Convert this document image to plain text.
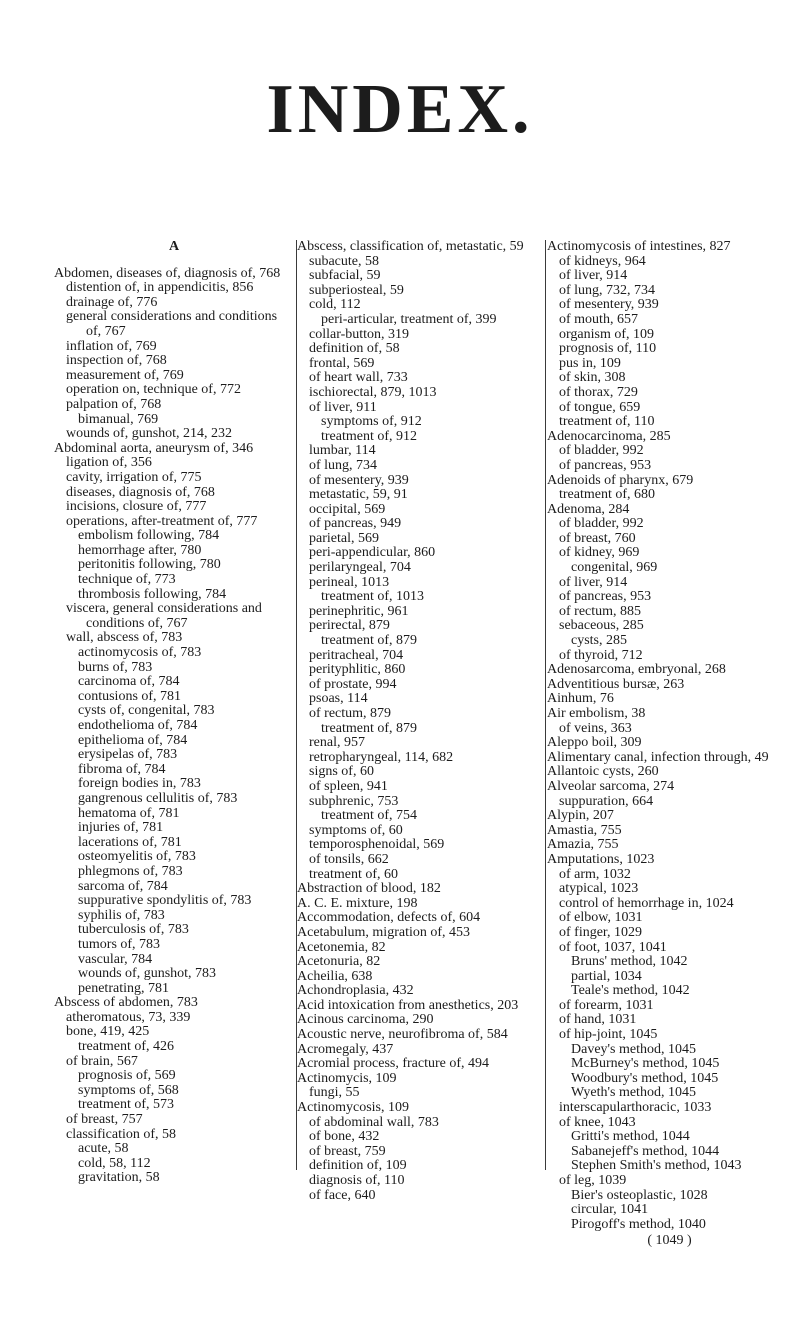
INDEX.
A
Abdomen, diseases of, diagnosis of, 768
distention of, in appendicitis, 856
drainage of, 776
general considerations and conditions of, 767
inflation of, 769
inspection of, 768
measurement of, 769
operation on, technique of, 772
palpation of, 768
bimanual, 769
wounds of, gunshot, 214, 232
Abdominal aorta, aneurysm of, 346
ligation of, 356
cavity, irrigation of, 775
diseases, diagnosis of, 768
incisions, closure of, 777
operations, after-treatment of, 777
embolism following, 784
hemorrhage after, 780
peritonitis following, 780
technique of, 773
thrombosis following, 784
viscera, general considerations and conditions of, 767
wall, abscess of, 783
actinomycosis of, 783
burns of, 783
carcinoma of, 784
contusions of, 781
cysts of, congenital, 783
endothelioma of, 784
epithelioma of, 784
erysipelas of, 783
fibroma of, 784
foreign bodies in, 783
gangrenous cellulitis of, 783
hematoma of, 781
injuries of, 781
lacerations of, 781
osteomyelitis of, 783
phlegmons of, 783
sarcoma of, 784
suppurative spondylitis of, 783
syphilis of, 783
tuberculosis of, 783
tumors of, 783
vascular, 784
wounds of, gunshot, 783
penetrating, 781
Abscess of abdomen, 783
atheromatous, 73, 339
bone, 419, 425
treatment of, 426
of brain, 567
prognosis of, 569
symptoms of, 568
treatment of, 573
of breast, 757
classification of, 58
acute, 58
cold, 58, 112
gravitation, 58
Abscess, classification of, metastatic, 59
subacute, 58
subfacial, 59
subperiosteal, 59
cold, 112
peri-articular, treatment of, 399
collar-button, 319
definition of, 58
frontal, 569
of heart wall, 733
ischiorectal, 879, 1013
of liver, 911
symptoms of, 912
treatment of, 912
lumbar, 114
of lung, 734
of mesentery, 939
metastatic, 59, 91
occipital, 569
of pancreas, 949
parietal, 569
peri-appendicular, 860
perilaryngeal, 704
perineal, 1013
treatment of, 1013
perinephritic, 961
perirectal, 879
treatment of, 879
peritracheal, 704
perityphlitic, 860
of prostate, 994
psoas, 114
of rectum, 879
treatment of, 879
renal, 957
retropharyngeal, 114, 682
signs of, 60
of spleen, 941
subphrenic, 753
treatment of, 754
symptoms of, 60
temporosphenoidal, 569
of tonsils, 662
treatment of, 60
Abstraction of blood, 182
A. C. E. mixture, 198
Accommodation, defects of, 604
Acetabulum, migration of, 453
Acetonemia, 82
Acetonuria, 82
Acheilia, 638
Achondroplasia, 432
Acid intoxication from anesthetics, 203
Acinous carcinoma, 290
Acoustic nerve, neurofibroma of, 584
Acromegaly, 437
Acromial process, fracture of, 494
Actinomycis, 109
fungi, 55
Actinomycosis, 109
of abdominal wall, 783
of bone, 432
of breast, 759
definition of, 109
diagnosis of, 110
of face, 640
Actinomycosis of intestines, 827
of kidneys, 964
of liver, 914
of lung, 732, 734
of mesentery, 939
of mouth, 657
organism of, 109
prognosis of, 110
pus in, 109
of skin, 308
of thorax, 729
of tongue, 659
treatment of, 110
Adenocarcinoma, 285
of bladder, 992
of pancreas, 953
Adenoids of pharynx, 679
treatment of, 680
Adenoma, 284
of bladder, 992
of breast, 760
of kidney, 969
congenital, 969
of liver, 914
of pancreas, 953
of rectum, 885
sebaceous, 285
cysts, 285
of thyroid, 712
Adenosarcoma, embryonal, 268
Adventitious bursæ, 263
Ainhum, 76
Air embolism, 38
of veins, 363
Aleppo boil, 309
Alimentary canal, infection through, 49
Allantoic cysts, 260
Alveolar sarcoma, 274
suppuration, 664
Alypin, 207
Amastia, 755
Amazia, 755
Amputations, 1023
of arm, 1032
atypical, 1023
control of hemorrhage in, 1024
of elbow, 1031
of finger, 1029
of foot, 1037, 1041
Bruns' method, 1042
partial, 1034
Teale's method, 1042
of forearm, 1031
of hand, 1031
of hip-joint, 1045
Davey's method, 1045
McBurney's method, 1045
Woodbury's method, 1045
Wyeth's method, 1045
interscapularthoracic, 1033
of knee, 1043
Gritti's method, 1044
Sabanejeff's method, 1044
Stephen Smith's method, 1043
of leg, 1039
Bier's osteoplastic, 1028
circular, 1041
Pirogoff's method, 1040
( 1049 )
